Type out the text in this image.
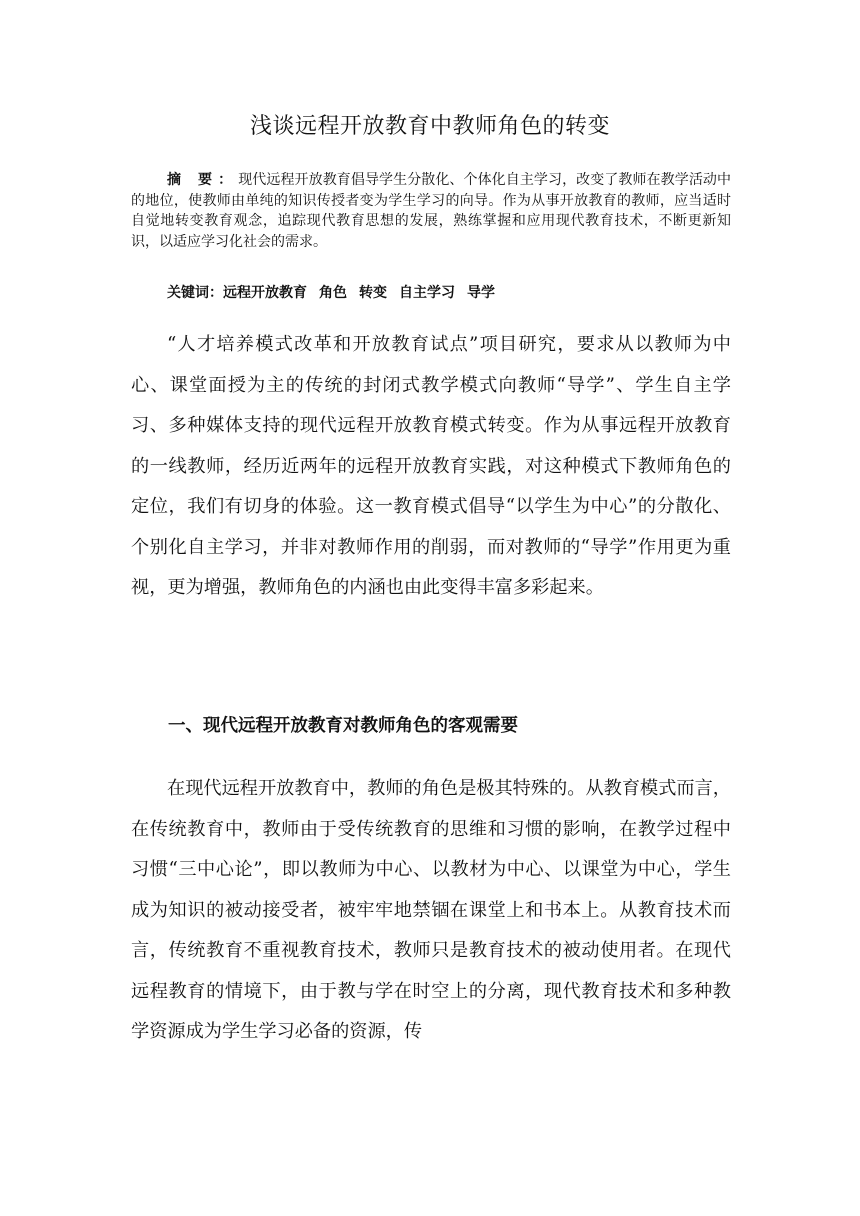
浅谈远程开放教育中教师角色的转变

摘 要：现代远程开放教育倡导学生分散化、个体化自主学习，改变了教师在教学活动中的地位，使教师由单纯的知识传授者变为学生学习的向导。作为从事开放教育的教师，应当适时自觉地转变教育观念，追踪现代教育思想的发展，熟练掌握和应用现代教育技术，不断更新知识，以适应学习化社会的需求。

关键词：远程开放教育 角色 转变 自主学习 导学

“人才培养模式改革和开放教育试点”项目研究，要求从以教师为中心、课堂面授为主的传统的封闭式教学模式向教师“导学”、学生自主学习、多种媒体支持的现代远程开放教育模式转变。作为从事远程开放教育的一线教师，经历近两年的远程开放教育实践，对这种模式下教师角色的定位，我们有切身的体验。这一教育模式倡导“以学生为中心”的分散化、个别化自主学习，并非对教师作用的削弱，而对教师的“导学”作用更为重视，更为增强，教师角色的内涵也由此变得丰富多彩起来。

一、现代远程开放教育对教师角色的客观需要

在现代远程开放教育中，教师的角色是极其特殊的。从教育模式而言，在传统教育中，教师由于受传统教育的思维和习惯的影响，在教学过程中习惯“三中心论”，即以教师为中心、以教材为中心、以课堂为中心，学生成为知识的被动接受者，被牢牢地禁锢在课堂上和书本上。从教育技术而言，传统教育不重视教育技术，教师只是教育技术的被动使用者。在现代远程教育的情境下，由于教与学在时空上的分离，现代教育技术和多种教学资源成为学生学习必备的资源，传
